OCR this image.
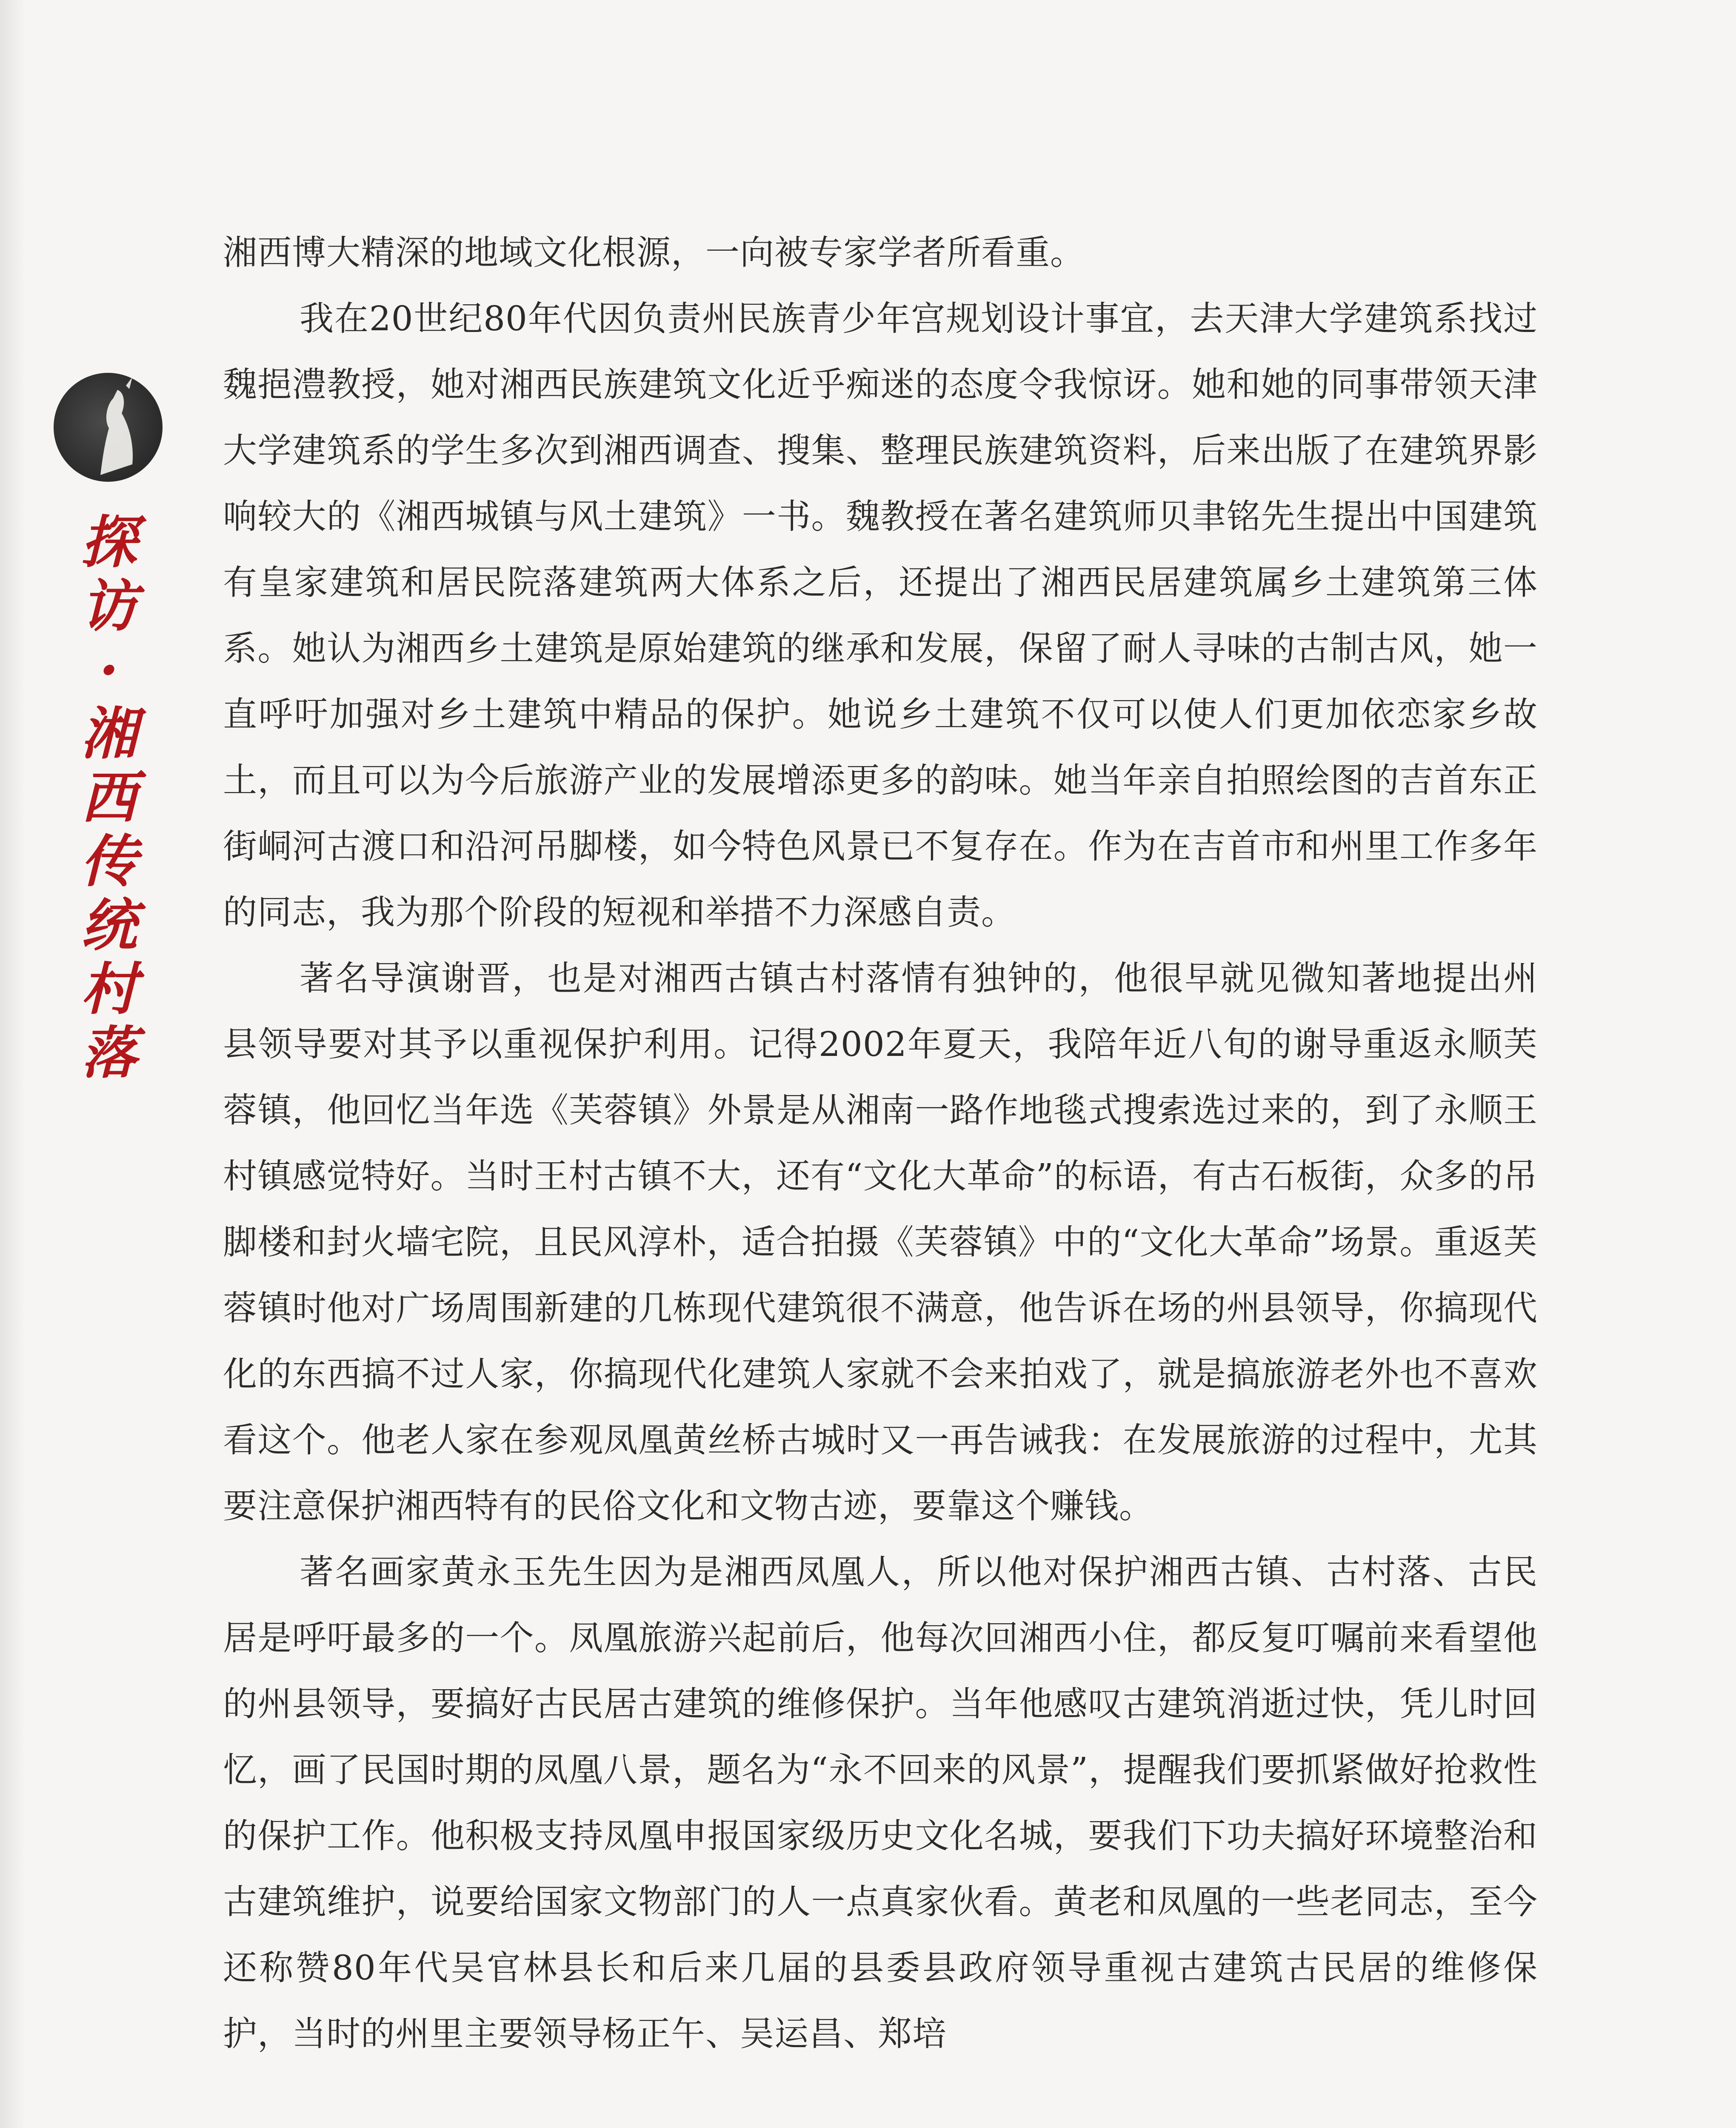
探
访
·
湘
西
传
统
村
落

湘西博大精深的地域文化根源，一向被专家学者所看重。

我在20世纪80年代因负责州民族青少年宫规划设计事宜，去天津大学建筑系找过魏挹澧教授，她对湘西民族建筑文化近乎痴迷的态度令我惊讶。她和她的同事带领天津大学建筑系的学生多次到湘西调查、搜集、整理民族建筑资料，后来出版了在建筑界影响较大的《湘西城镇与风土建筑》一书。魏教授在著名建筑师贝聿铭先生提出中国建筑有皇家建筑和居民院落建筑两大体系之后，还提出了湘西民居建筑属乡土建筑第三体系。她认为湘西乡土建筑是原始建筑的继承和发展，保留了耐人寻味的古制古风，她一直呼吁加强对乡土建筑中精品的保护。她说乡土建筑不仅可以使人们更加依恋家乡故土，而且可以为今后旅游产业的发展增添更多的韵味。她当年亲自拍照绘图的吉首东正街峒河古渡口和沿河吊脚楼，如今特色风景已不复存在。作为在吉首市和州里工作多年的同志，我为那个阶段的短视和举措不力深感自责。

著名导演谢晋，也是对湘西古镇古村落情有独钟的，他很早就见微知著地提出州县领导要对其予以重视保护利用。记得2002年夏天，我陪年近八旬的谢导重返永顺芙蓉镇，他回忆当年选《芙蓉镇》外景是从湘南一路作地毯式搜索选过来的，到了永顺王村镇感觉特好。当时王村古镇不大，还有“文化大革命”的标语，有古石板街，众多的吊脚楼和封火墙宅院，且民风淳朴，适合拍摄《芙蓉镇》中的“文化大革命”场景。重返芙蓉镇时他对广场周围新建的几栋现代建筑很不满意，他告诉在场的州县领导，你搞现代化的东西搞不过人家，你搞现代化建筑人家就不会来拍戏了，就是搞旅游老外也不喜欢看这个。他老人家在参观凤凰黄丝桥古城时又一再告诫我：在发展旅游的过程中，尤其要注意保护湘西特有的民俗文化和文物古迹，要靠这个赚钱。

著名画家黄永玉先生因为是湘西凤凰人，所以他对保护湘西古镇、古村落、古民居是呼吁最多的一个。凤凰旅游兴起前后，他每次回湘西小住，都反复叮嘱前来看望他的州县领导，要搞好古民居古建筑的维修保护。当年他感叹古建筑消逝过快，凭儿时回忆，画了民国时期的凤凰八景，题名为“永不回来的风景”，提醒我们要抓紧做好抢救性的保护工作。他积极支持凤凰申报国家级历史文化名城，要我们下功夫搞好环境整治和古建筑维护，说要给国家文物部门的人一点真家伙看。黄老和凤凰的一些老同志，至今还称赞80年代吴官林县长和后来几届的县委县政府领导重视古建筑古民居的维修保护，当时的州里主要领导杨正午、吴运昌、郑培
